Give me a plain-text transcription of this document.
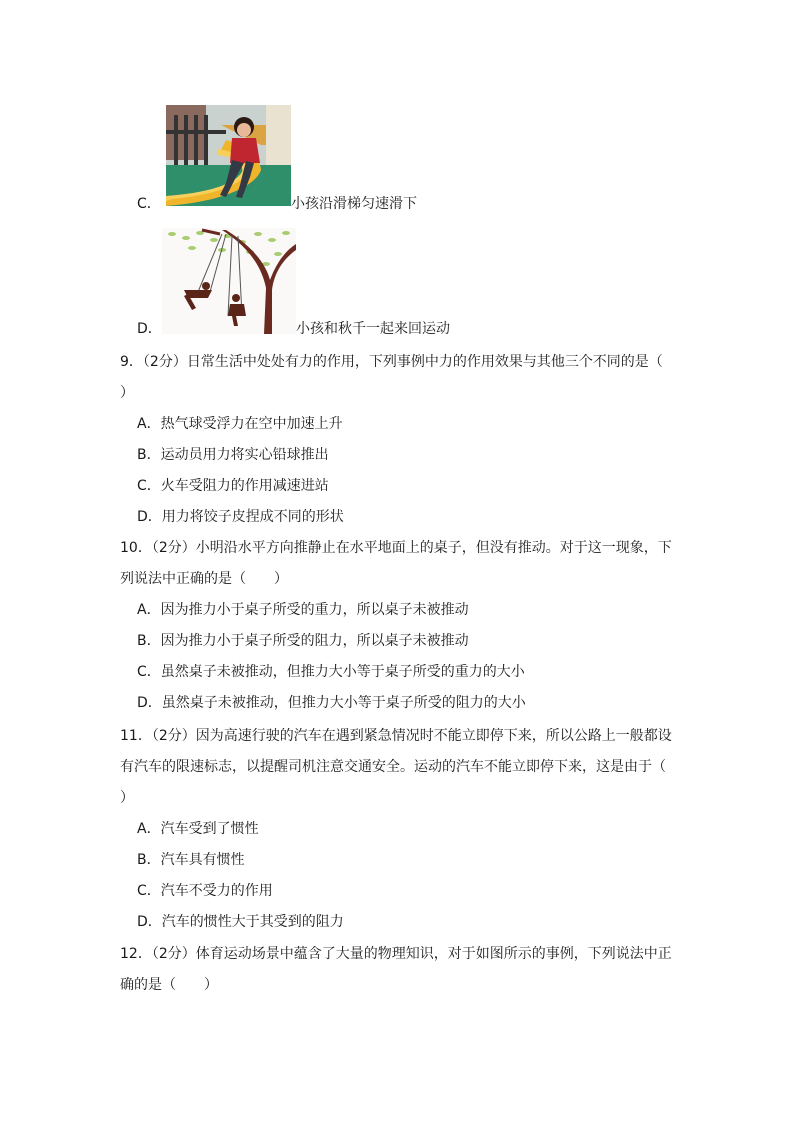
C．	小孩沿滑梯匀速滑下
D．	小孩和秋千一起来回运动
9．（2分）日常生活中处处有力的作用，下列事例中力的作用效果与其他三个不同的是（
）
A．热气球受浮力在空中加速上升
B．运动员用力将实心铅球推出
C．火车受阻力的作用减速进站
D．用力将饺子皮捏成不同的形状
10．（2分）小明沿水平方向推静止在水平地面上的桌子，但没有推动。对于这一现象，下
列说法中正确的是（　　）
A．因为推力小于桌子所受的重力，所以桌子未被推动
B．因为推力小于桌子所受的阻力，所以桌子未被推动
C．虽然桌子未被推动，但推力大小等于桌子所受的重力的大小
D．虽然桌子未被推动，但推力大小等于桌子所受的阻力的大小
11．（2分）因为高速行驶的汽车在遇到紧急情况时不能立即停下来，所以公路上一般都设
有汽车的限速标志，以提醒司机注意交通安全。运动的汽车不能立即停下来，这是由于（
）
A．汽车受到了惯性
B．汽车具有惯性
C．汽车不受力的作用
D．汽车的惯性大于其受到的阻力
12．（2分）体育运动场景中蕴含了大量的物理知识，对于如图所示的事例，下列说法中正
确的是（　　）
